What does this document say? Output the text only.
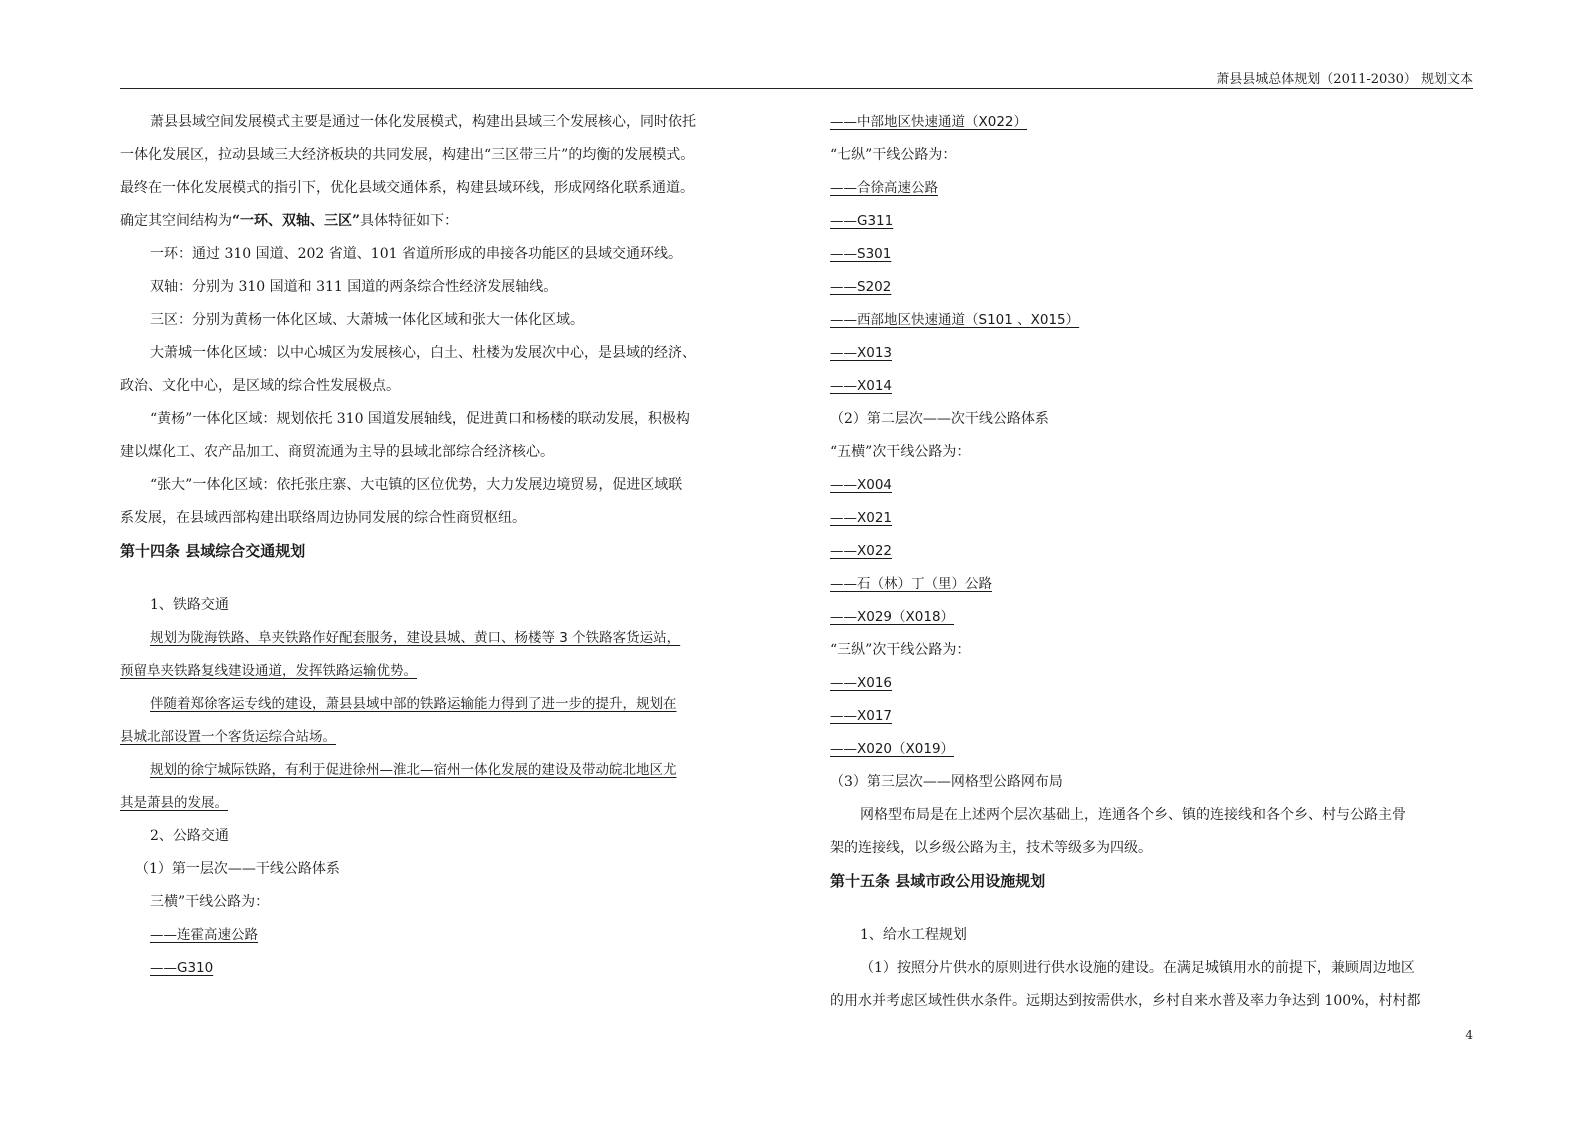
萧县县城总体规划（2011-2030） 规划文本

萧县县域空间发展模式主要是通过一体化发展模式，构建出县域三个发展核心，同时依托

一体化发展区，拉动县域三大经济板块的共同发展，构建出“三区带三片”的均衡的发展模式。

最终在一体化发展模式的指引下，优化县域交通体系，构建县域环线，形成网络化联系通道。

确定其空间结构为“一环、双轴、三区”具体特征如下：

一环：通过 310 国道、202 省道、101 省道所形成的串接各功能区的县域交通环线。

双轴：分别为 310 国道和 311 国道的两条综合性经济发展轴线。

三区：分别为黄杨一体化区域、大萧城一体化区域和张大一体化区域。

大萧城一体化区域：以中心城区为发展核心，白土、杜楼为发展次中心，是县域的经济、

政治、文化中心，是区域的综合性发展极点。

“黄杨”一体化区域：规划依托 310 国道发展轴线，促进黄口和杨楼的联动发展，积极构

建以煤化工、农产品加工、商贸流通为主导的县域北部综合经济核心。

“张大”一体化区域：依托张庄寨、大屯镇的区位优势，大力发展边境贸易，促进区域联

系发展，在县域西部构建出联络周边协同发展的综合性商贸枢纽。

第十四条 县域综合交通规划

1、铁路交通

规划为陇海铁路、阜夹铁路作好配套服务，建设县城、黄口、杨楼等 3 个铁路客货运站，

预留阜夹铁路复线建设通道，发挥铁路运输优势。

伴随着郑徐客运专线的建设，萧县县域中部的铁路运输能力得到了进一步的提升，规划在

县城北部设置一个客货运综合站场。

规划的徐宁城际铁路，有利于促进徐州—淮北—宿州一体化发展的建设及带动皖北地区尤

其是萧县的发展。

2、公路交通

（1）第一层次——干线公路体系

三横”干线公路为：

——连霍高速公路

——G310

——中部地区快速通道（X022）

“七纵”干线公路为：

——合徐高速公路

——G311

——S301

——S202

——西部地区快速通道（S101 、X015）

——X013

——X014

（2）第二层次——次干线公路体系

“五横”次干线公路为：

——X004

——X021

——X022

——石（林）丁（里）公路

——X029（X018）

“三纵”次干线公路为：

——X016

——X017

——X020（X019）

（3）第三层次——网格型公路网布局

网格型布局是在上述两个层次基础上，连通各个乡、镇的连接线和各个乡、村与公路主骨

架的连接线，以乡级公路为主，技术等级多为四级。

第十五条 县域市政公用设施规划

1、给水工程规划

（1）按照分片供水的原则进行供水设施的建设。在满足城镇用水的前提下，兼顾周边地区

的用水并考虑区域性供水条件。远期达到按需供水，乡村自来水普及率力争达到 100%，村村都

4
